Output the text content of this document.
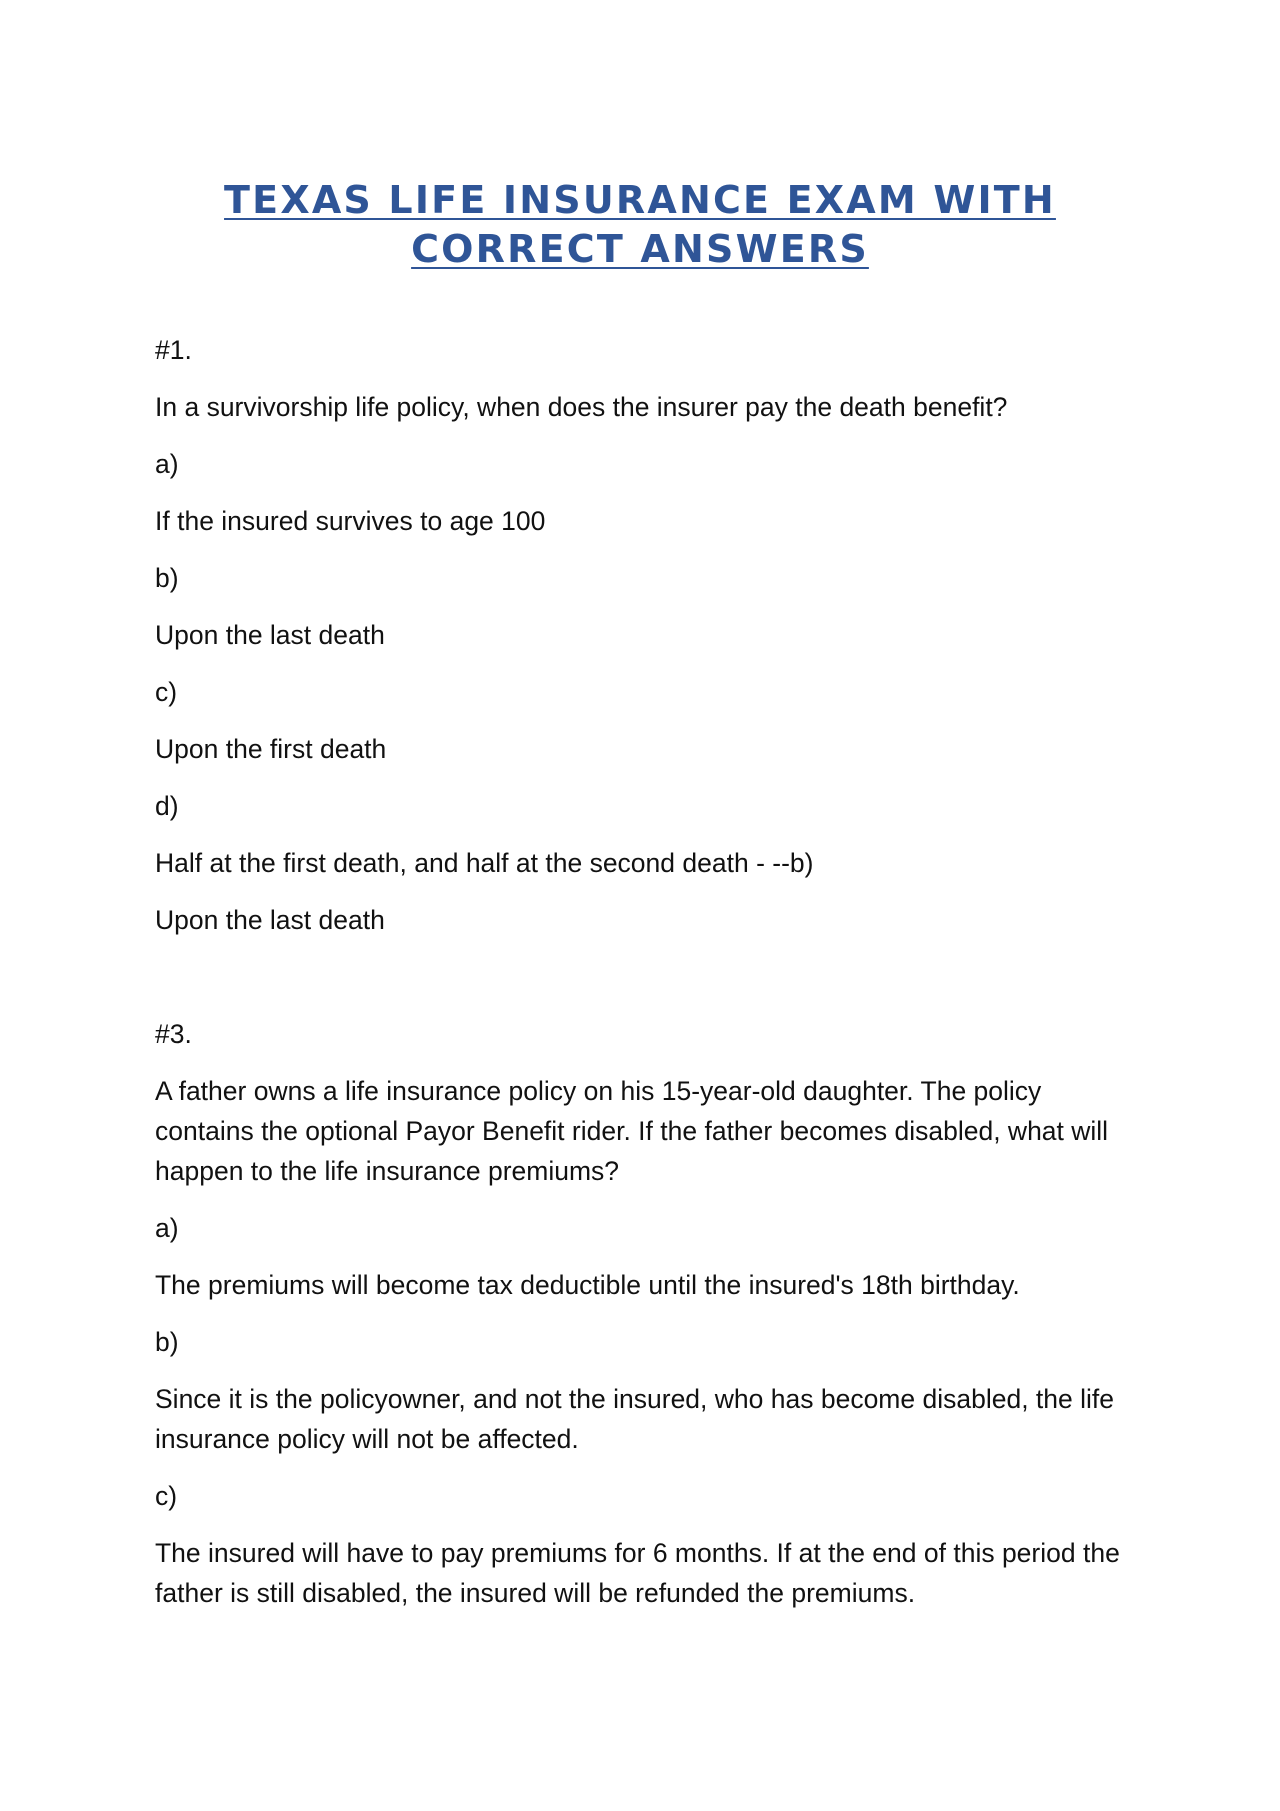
TEXAS LIFE INSURANCE EXAM WITH
CORRECT ANSWERS

#1.

In a survivorship life policy, when does the insurer pay the death benefit?

a)

If the insured survives to age 100

b)

Upon the last death

c)

Upon the first death

d)

Half at the first death, and half at the second death - --b)

Upon the last death

#3.

A father owns a life insurance policy on his 15-year-old daughter. The policy contains the optional Payor Benefit rider. If the father becomes disabled, what will happen to the life insurance premiums?

a)

The premiums will become tax deductible until the insured's 18th birthday.

b)

Since it is the policyowner, and not the insured, who has become disabled, the life insurance policy will not be affected.

c)

The insured will have to pay premiums for 6 months. If at the end of this period the father is still disabled, the insured will be refunded the premiums.
